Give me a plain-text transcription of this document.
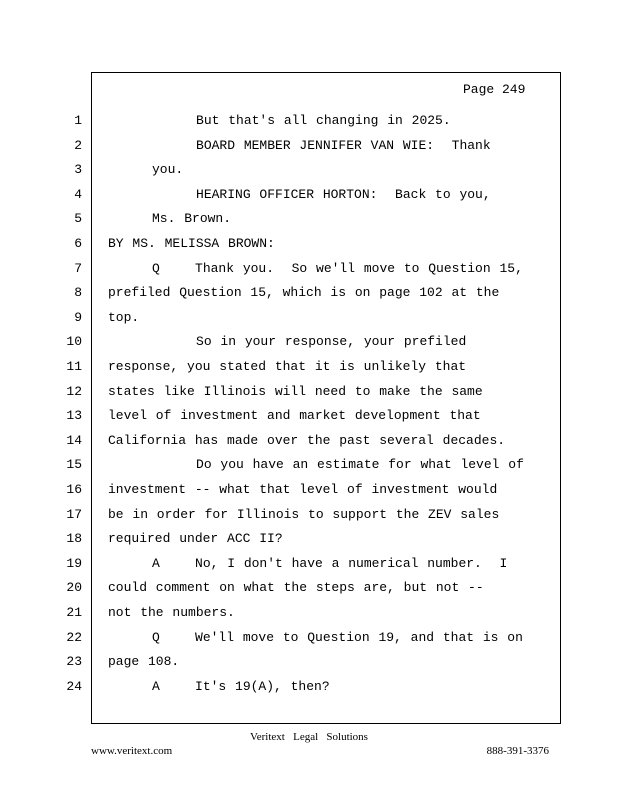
Page 249
1 But that's all changing in 2025.
2 BOARD MEMBER JENNIFER VAN WIE:  Thank
3 you.
4 HEARING OFFICER HORTON:  Back to you,
5 Ms. Brown.
6 BY MS. MELISSA BROWN:
7 Q    Thank you.  So we'll move to Question 15,
8 prefiled Question 15, which is on page 102 at the
9 top.
10 So in your response, your prefiled
11 response, you stated that it is unlikely that
12 states like Illinois will need to make the same
13 level of investment and market development that
14 California has made over the past several decades.
15 Do you have an estimate for what level of
16 investment -- what that level of investment would
17 be in order for Illinois to support the ZEV sales
18 required under ACC II?
19 A    No, I don't have a numerical number.  I
20 could comment on what the steps are, but not --
21 not the numbers.
22 Q    We'll move to Question 19, and that is on
23 page 108.
24 A    It's 19(A), then?
Veritext   Legal   Solutions
www.veritext.com	888-391-3376
